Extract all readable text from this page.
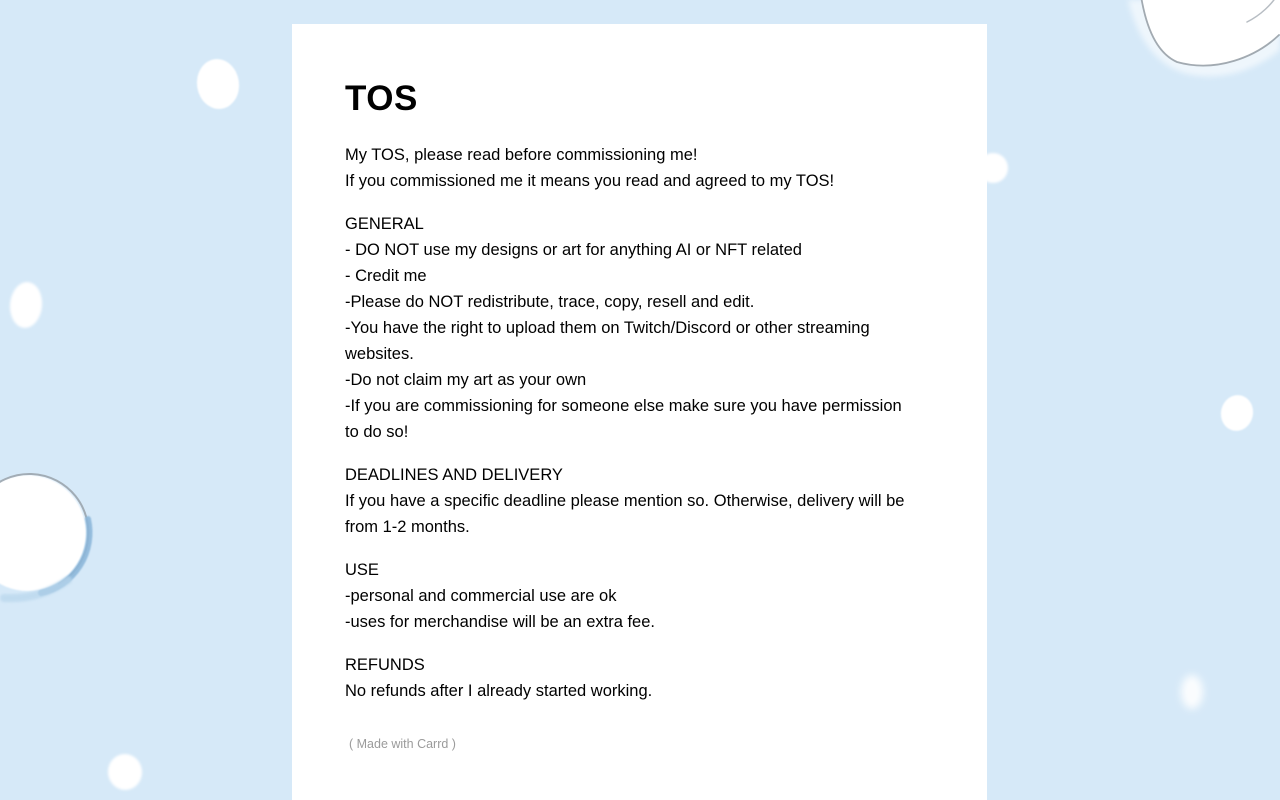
TOS
My TOS, please read before commissioning me!
If you commissioned me it means you read and agreed to my TOS!
GENERAL
- DO NOT use my designs or art for anything AI or NFT related
- Credit me
-Please do NOT redistribute, trace, copy, resell and edit.
-You have the right to upload them on Twitch/Discord or other streaming
websites.
-Do not claim my art as your own
-If you are commissioning for someone else make sure you have permission
to do so!
DEADLINES AND DELIVERY
If you have a specific deadline please mention so. Otherwise, delivery will be
from 1-2 months.
USE
-personal and commercial use are ok
-uses for merchandise will be an extra fee.
REFUNDS
No refunds after I already started working.
( Made with Carrd )
